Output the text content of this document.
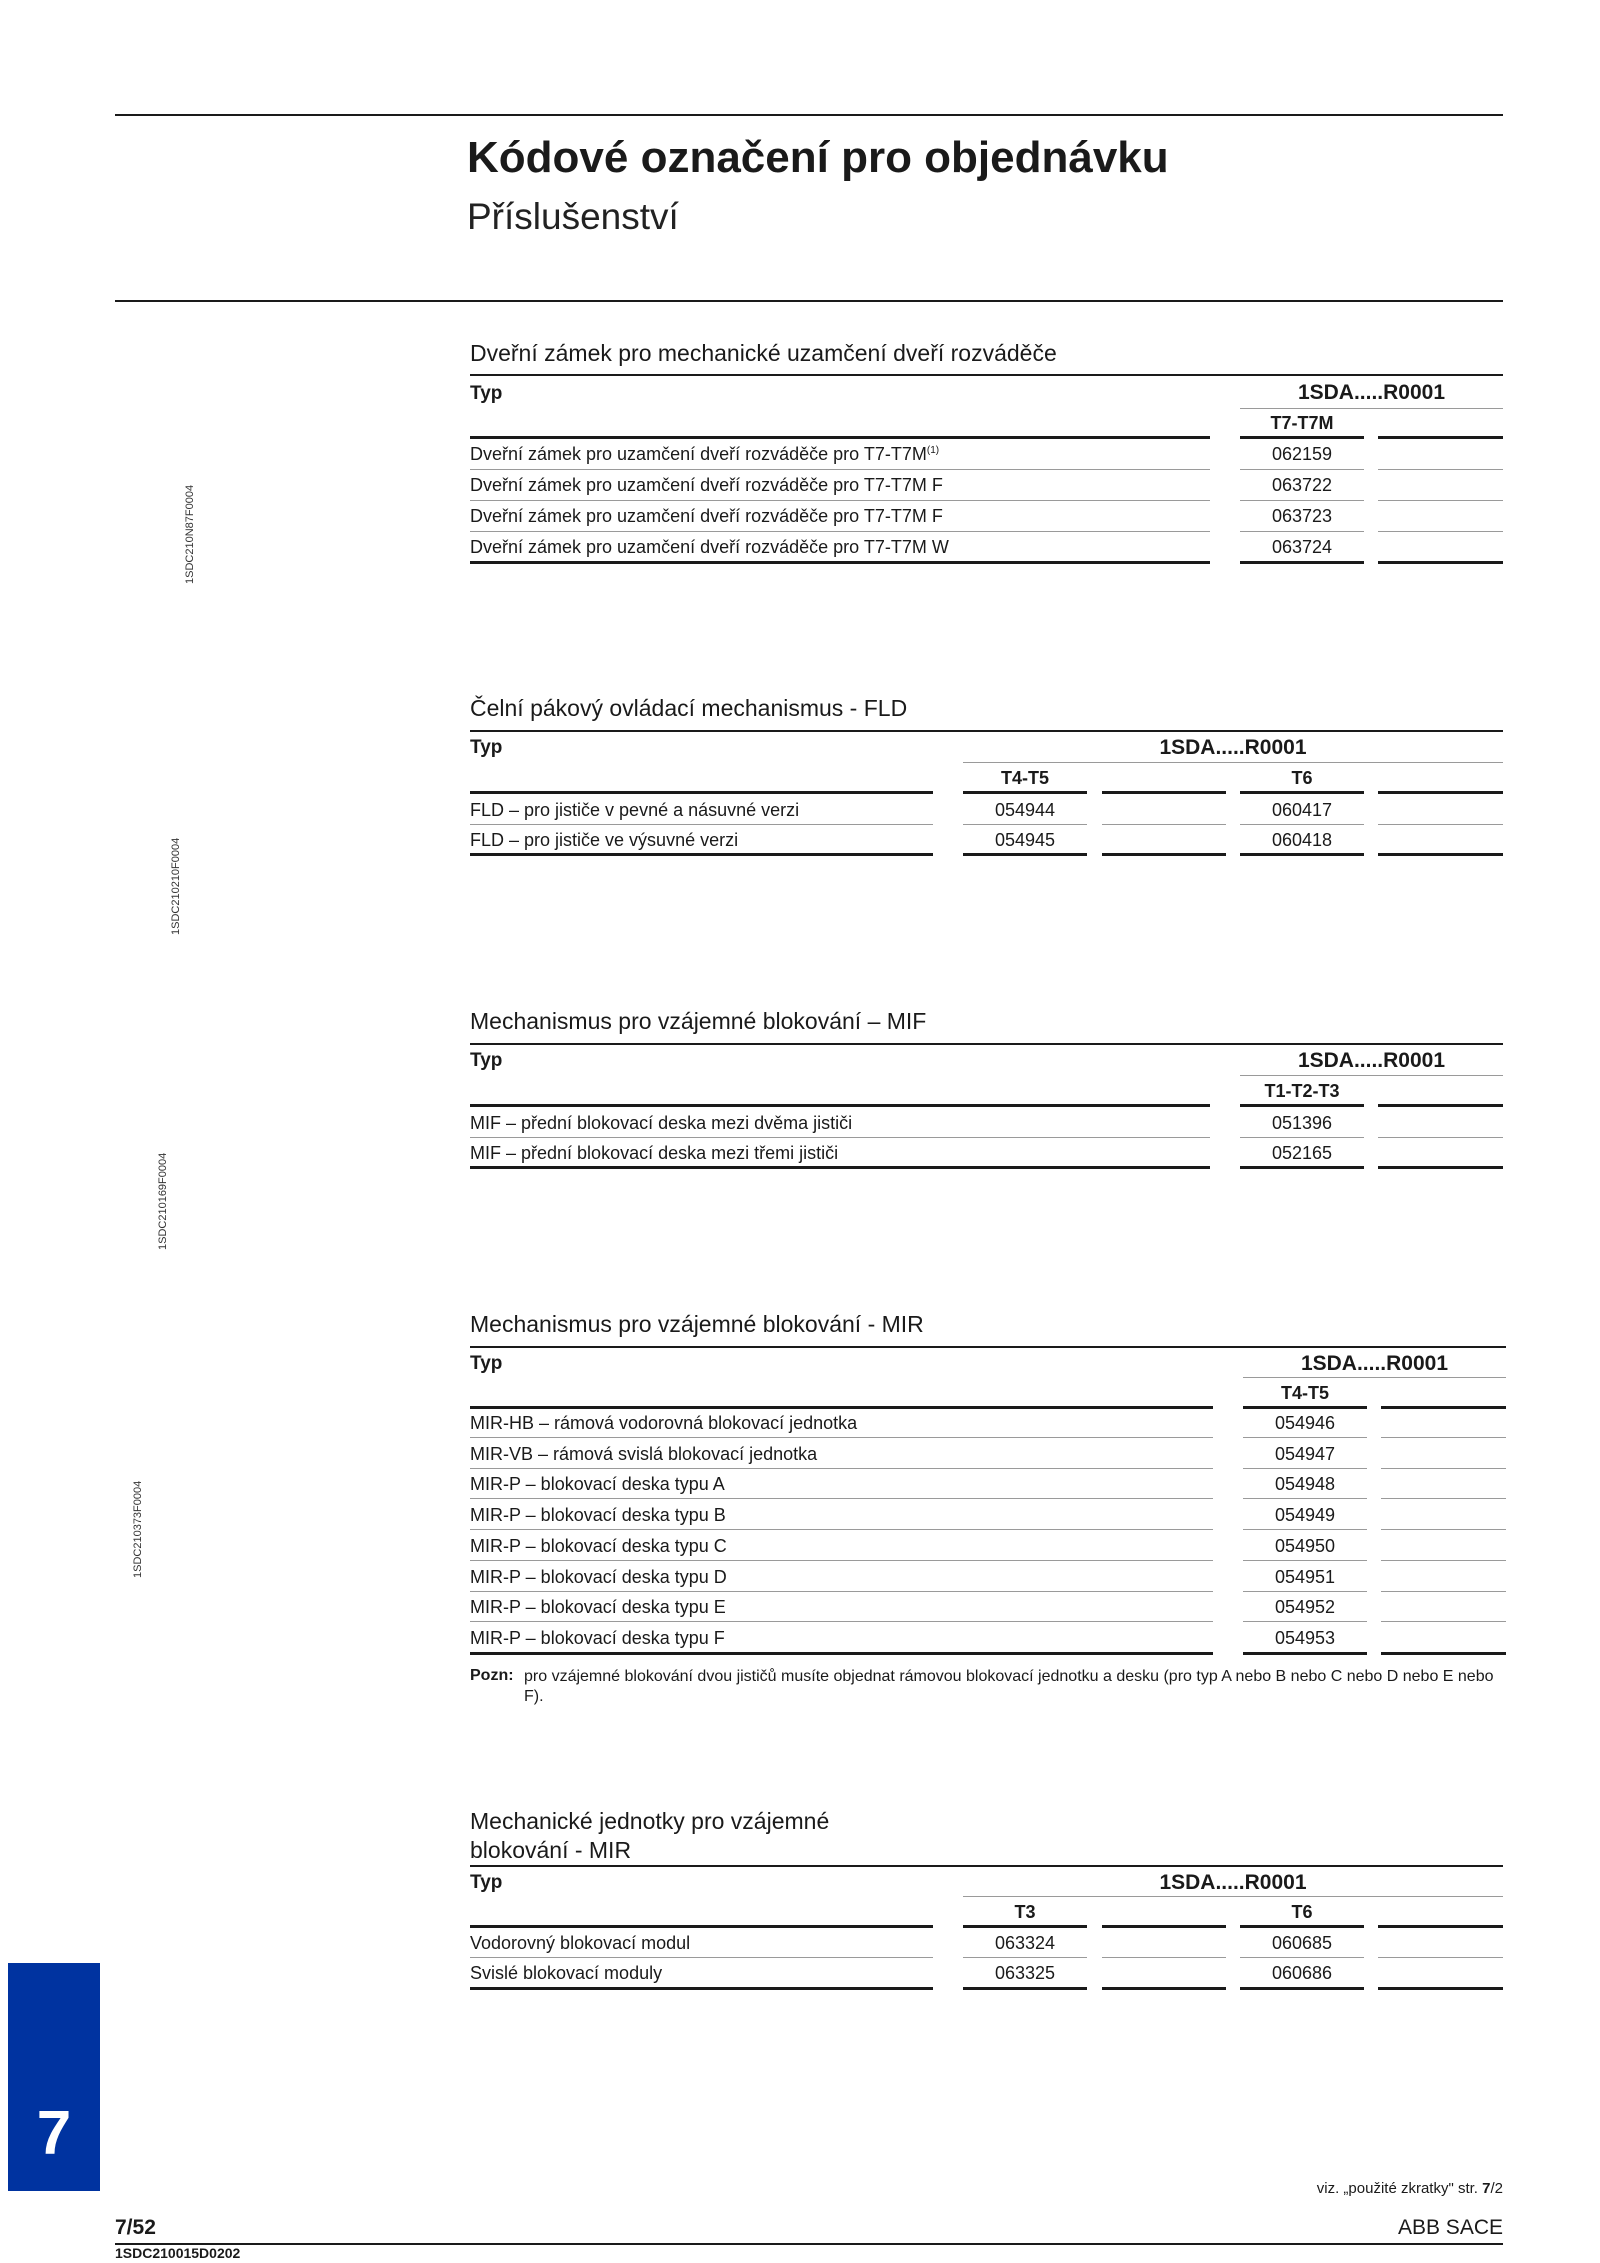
Kódové označení pro objednávku
Příslušenství
1SDC210N87F0004
1SDC210210F0004
1SDC210169F0004
1SDC210373F0004
Dveřní zámek pro mechanické uzamčení dveří rozváděče
Typ	1SDA.....R0001
T7-T7M
Dveřní zámek pro uzamčení dveří rozváděče pro $T7-T7M^{(1)}$	062159
Dveřní zámek pro uzamčení dveří rozváděče pro T7-T7M F	063722
Dveřní zámek pro uzamčení dveří rozváděče pro T7-T7M F	063723
Dveřní zámek pro uzamčení dveří rozváděče pro T7-T7M W	063724
Čelní pákový ovládací mechanismus - FLD
Typ	1SDA.....R0001
T4-T5	T6
FLD – pro jističe v pevné a násuvné verzi	054944	060417
FLD – pro jističe ve výsuvné verzi	054945	060418
Mechanismus pro vzájemné blokování – MIF
Typ	1SDA.....R0001
T1-T2-T3
MIF – přední blokovací deska mezi dvěma jističi	051396
MIF – přední blokovací deska mezi třemi jističi	052165
Mechanismus pro vzájemné blokování - MIR
Typ	1SDA.....R0001
T4-T5
MIR-HB – rámová vodorovná blokovací jednotka	054946
MIR-VB – rámová svislá blokovací jednotka	054947
MIR-P – blokovací deska typu A	054948
MIR-P – blokovací deska typu B	054949
MIR-P – blokovací deska typu C	054950
MIR-P – blokovací deska typu D	054951
MIR-P – blokovací deska typu E	054952
MIR-P – blokovací deska typu F	054953
Pozn: pro vzájemné blokování dvou jističů musíte objednat rámovou blokovací jednotku a desku (pro typ A nebo B nebo C nebo D nebo E nebo F).
Mechanické jednotky pro vzájemné
blokování - MIR
Typ	1SDA.....R0001
T3	T6
Vodorovný blokovací modul	063324	060685
Svislé blokovací moduly	063325	060686
7
viz. „použité zkratky" str. 7/2
7/52	ABB SACE
1SDC210015D0202
